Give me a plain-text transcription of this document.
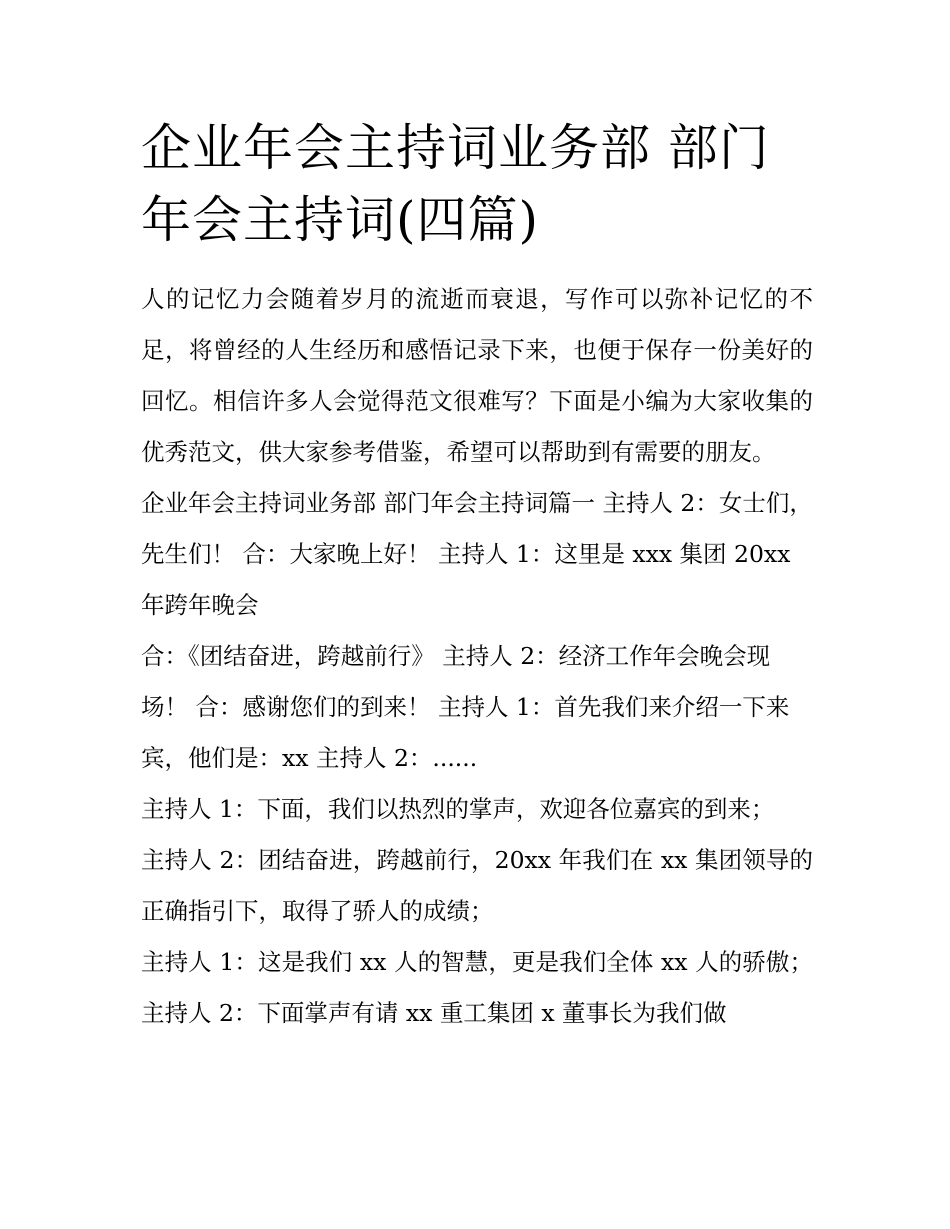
企业年会主持词业务部 部门年会主持词(四篇)

人的记忆力会随着岁月的流逝而衰退，写作可以弥补记忆的不足，将曾经的人生经历和感悟记录下来，也便于保存一份美好的回忆。相信许多人会觉得范文很难写？下面是小编为大家收集的优秀范文，供大家参考借鉴，希望可以帮助到有需要的朋友。

企业年会主持词业务部 部门年会主持词篇一 主持人 2：女士们，先生们！ 合：大家晚上好！ 主持人 1：这里是 xxx 集团 20xx 年跨年晚会

合：《团结奋进，跨越前行》 主持人 2：经济工作年会晚会现场！ 合：感谢您们的到来！ 主持人 1：首先我们来介绍一下来宾，他们是：xx 主持人 2：......

主持人 1：下面，我们以热烈的掌声，欢迎各位嘉宾的到来；

主持人 2：团结奋进，跨越前行，20xx 年我们在 xx 集团领导的正确指引下，取得了骄人的成绩；

主持人 1：这是我们 xx 人的智慧，更是我们全体 xx 人的骄傲； 主持人 2：下面掌声有请 xx 重工集团 x 董事长为我们做
